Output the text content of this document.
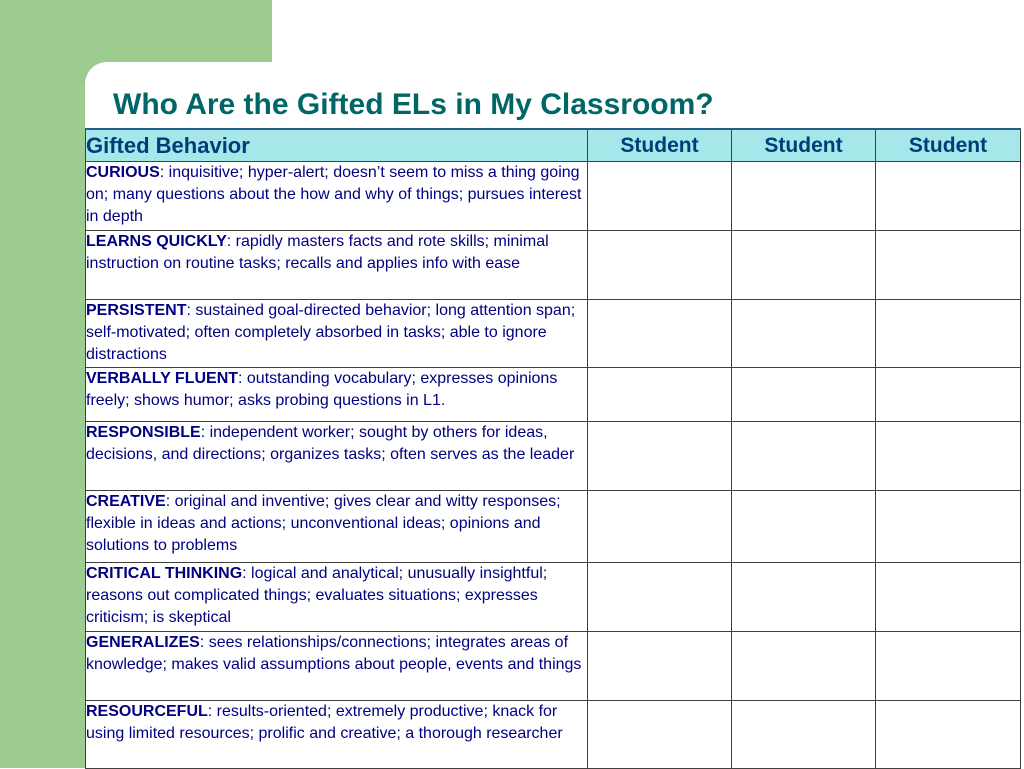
Who Are the Gifted ELs in My Classroom?
Gifted Behavior	Student	Student	Student
CURIOUS: inquisitive; hyper-alert; doesn’t seem to miss a thing going on; many questions about the how and why of things; pursues interest in depth			
LEARNS QUICKLY: rapidly masters facts and rote skills; minimal instruction on routine tasks; recalls and applies info with ease			
PERSISTENT: sustained goal-directed behavior; long attention span; self-motivated; often completely absorbed in tasks; able to ignore distractions			
VERBALLY FLUENT: outstanding vocabulary; expresses opinions freely; shows humor; asks probing questions in L1.			
RESPONSIBLE: independent worker; sought by others for ideas, decisions, and directions; organizes tasks; often serves as the leader			
CREATIVE: original and inventive; gives clear and witty responses; flexible in ideas and actions; unconventional ideas; opinions and solutions to problems			
CRITICAL THINKING: logical and analytical; unusually insightful; reasons out complicated things; evaluates situations; expresses criticism; is skeptical			
GENERALIZES: sees relationships/connections; integrates areas of knowledge; makes valid assumptions about people, events and things			
RESOURCEFUL: results-oriented; extremely productive; knack for using limited resources; prolific and creative; a thorough researcher			
